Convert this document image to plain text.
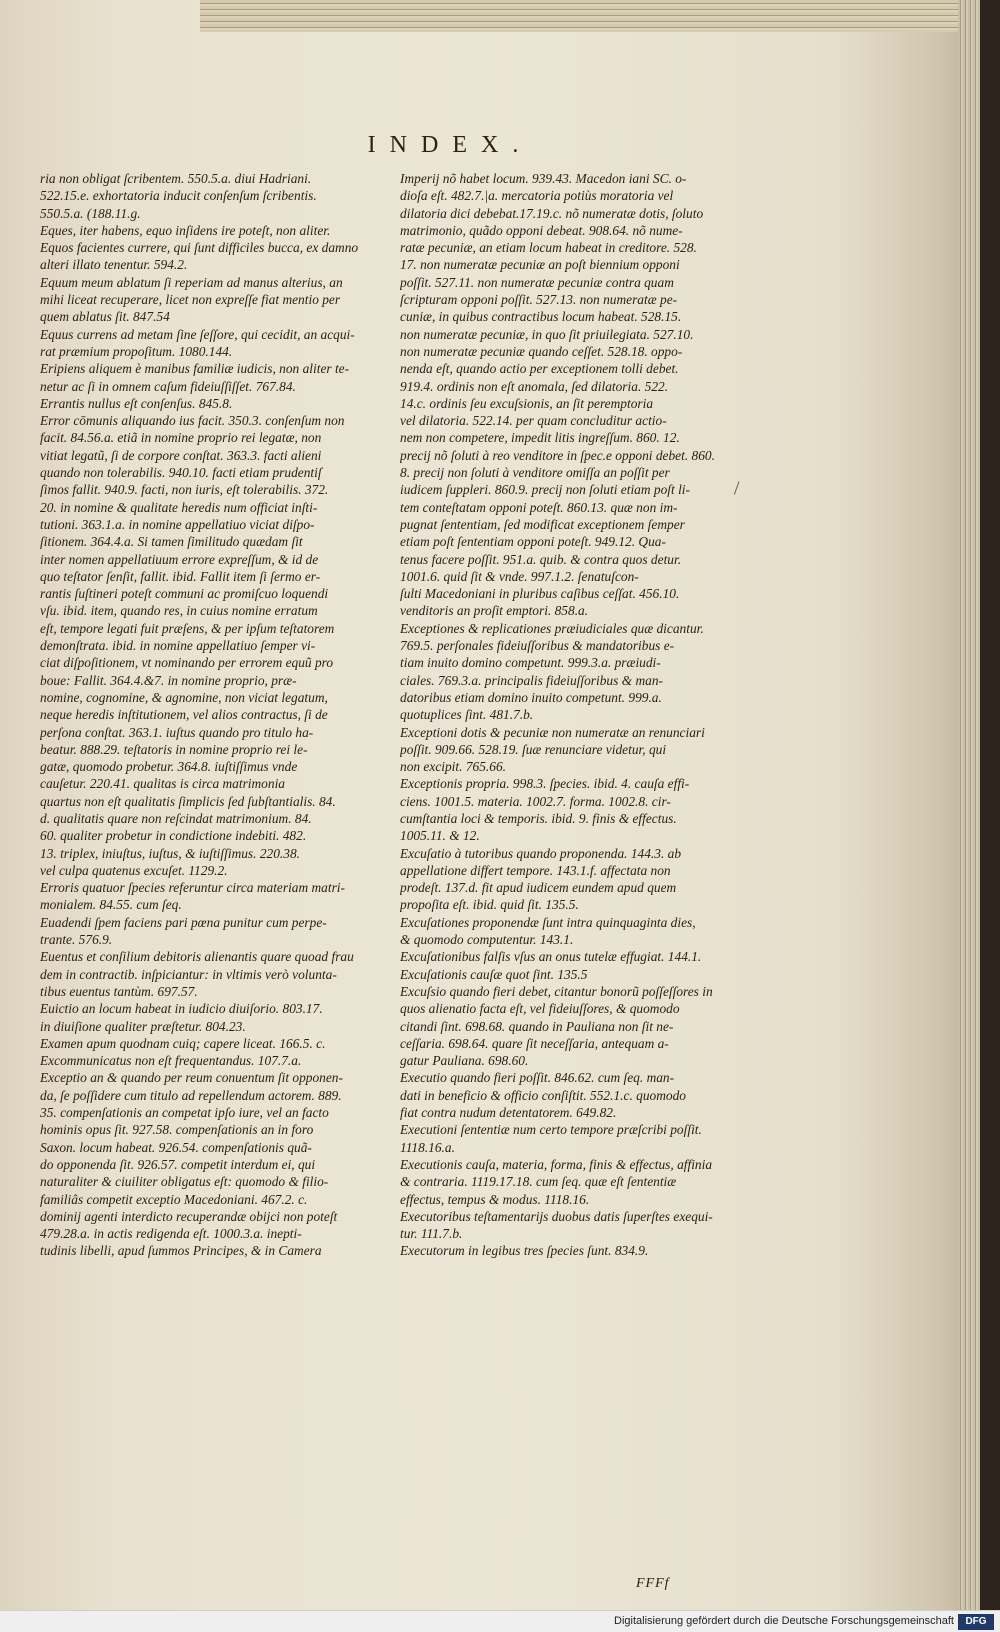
INDEX.
ria non obligat ſcribentem. 550.5.a. diui Hadriani.
522.15.e. exhortatoria inducit conſenſum ſcribentis.
550.5.a. (188.11.g.
Eques, iter habens, equo inſidens ire poteſt, non aliter.
Equos facientes currere, qui ſunt difficiles bucca, ex damno
alteri illato tenentur. 594.2.
Equum meum ablatum ſi reperiam ad manus alterius, an
mihi liceat recuperare, licet non expreſſe fiat mentio per
quem ablatus ſit. 847.54
Equus currens ad metam ſine ſeſſore, qui cecidit, an acqui-
rat præmium propoſitum. 1080.144.
Eripiens aliquem è manibus familiæ iudicis, non aliter te-
netur ac ſi in omnem caſum fideiuſſiſſet. 767.84.
Errantis nullus eſt conſenſus. 845.8.
Error cōmunis aliquando ius facit. 350.3. conſenſum non
facit. 84.56.a. etiã in nomine proprio rei legatæ, non
vitiat legatũ, ſi de corpore conſtat. 363.3. facti alieni
quando non tolerabilis. 940.10. facti etiam prudentiſ
ſimos fallit. 940.9. facti, non iuris, eſt tolerabilis. 372.
20. in nomine & qualitate heredis num officiat inſti-
tutioni. 363.1.a. in nomine appellatiuo viciat diſpo-
ſitionem. 364.4.a. Si tamen ſimilitudo quædam ſit
inter nomen appellatiuum errore expreſſum, & id de
quo teſtator ſenſit, fallit. ibid. Fallit item ſi ſermo er-
rantis ſuſtineri poteſt communi ac promiſcuo loquendi
vſu. ibid. item, quando res, in cuius nomine erratum
eſt, tempore legati fuit præſens, & per ipſum teſtatorem
demonſtrata. ibid. in nomine appellatiuo ſemper vi-
ciat diſpoſitionem, vt nominando per errorem equũ pro
boue: Fallit. 364.4.&7. in nomine proprio, præ-
nomine, cognomine, & agnomine, non viciat legatum,
neque heredis inſtitutionem, vel alios contractus, ſi de
perſona conſtat. 363.1. iuſtus quando pro titulo ha-
beatur. 888.29. teſtatoris in nomine proprio rei le-
gatæ, quomodo probetur. 364.8. iuſtiſſimus vnde
cauſetur. 220.41. qualitas is circa matrimonia
quartus non eſt qualitatis ſimplicis ſed ſubſtantialis. 84.
d. qualitatis quare non reſcindat matrimonium. 84.
60. qualiter probetur in condictione indebiti. 482.
13. triplex, iniuſtus, iuſtus, & iuſtiſſimus. 220.38.
vel culpa quatenus excuſet. 1129.2.
Erroris quatuor ſpecies referuntur circa materiam matri-
monialem. 84.55. cum ſeq.
Euadendi ſpem faciens pari pœna punitur cum perpe-
trante. 576.9.
Euentus et conſilium debitoris alienantis quare quoad frau
dem in contractib. inſpiciantur: in vltimis verò volunta-
tibus euentus tantùm. 697.57.
Euictio an locum habeat in iudicio diuiſorio. 803.17.
in diuiſione qualiter præſtetur. 804.23.
Examen apum quodnam cuiq; capere liceat. 166.5. c.
Excommunicatus non eſt frequentandus. 107.7.a.
Exceptio an & quando per reum conuentum ſit opponen-
da, ſe poſſidere cum titulo ad repellendum actorem. 889.
35. compenſationis an competat ipſo iure, vel an facto
hominis opus ſit. 927.58. compenſationis an in foro
Saxon. locum habeat. 926.54. compenſationis quã-
do opponenda ſit. 926.57. competit interdum ei, qui
naturaliter & ciuiliter obligatus eſt: quomodo & filio-
familiâs competit exceptio Macedoniani. 467.2. c.
dominij agenti interdicto recuperandæ obijci non poteſt
479.28.a. in actis redigenda eſt. 1000.3.a. inepti-
tudinis libelli, apud ſummos Principes, & in Camera
Imperij nõ habet locum. 939.43. Macedon iani SC. o-
dioſa eſt. 482.7.|a. mercatoria potiùs moratoria vel
dilatoria dici debebat.17.19.c. nõ numeratæ dotis, ſoluto
matrimonio, quãdo opponi debeat. 908.64. nõ nume-
ratæ pecuniæ, an etiam locum habeat in creditore. 528.
17. non numeratæ pecuniæ an poſt biennium opponi
poſſit. 527.11. non numeratæ pecuniæ contra quam
ſcripturam opponi poſſit. 527.13. non numeratæ pe-
cuniæ, in quibus contractibus locum habeat. 528.15.
non numeratæ pecuniæ, in quo ſit priuilegiata. 527.10.
non numeratæ pecuniæ quando ceſſet. 528.18. oppo-
nenda eſt, quando actio per exceptionem tolli debet.
919.4. ordinis non eſt anomala, ſed dilatoria. 522.
14.c. ordinis ſeu excuſsionis, an ſit peremptoria
vel dilatoria. 522.14. per quam concluditur actio-
nem non competere, impedit litis ingreſſum. 860. 12.
precij nõ ſoluti à reo venditore in ſpec.e opponi debet. 860.
8. precij non ſoluti à venditore omiſſa an poſſit per
iudicem ſuppleri. 860.9. precij non ſoluti etiam poſt li-
tem conteſtatam opponi poteſt. 860.13. quæ non im-
pugnat ſententiam, ſed modificat exceptionem ſemper
etiam poſt ſententiam opponi poteſt. 949.12. Qua-
tenus facere poſſit. 951.a. quib. & contra quos detur.
1001.6. quid ſit & vnde. 997.1.2. ſenatuſcon-
ſulti Macedoniani in pluribus caſibus ceſſat. 456.10.
venditoris an proſit emptori. 858.a.
Exceptiones & replicationes præiudiciales quæ dicantur.
769.5. perſonales fideiuſſoribus & mandatoribus e-
tiam inuito domino competunt. 999.3.a. præiudi-
ciales. 769.3.a. principalis fideiuſſoribus & man-
datoribus etiam domino inuito competunt. 999.a.
quotuplices ſint. 481.7.b.
Exceptioni dotis & pecuniæ non numeratæ an renunciari
poſſit. 909.66. 528.19. ſuæ renunciare videtur, qui
non excipit. 765.66.
Exceptionis propria. 998.3. ſpecies. ibid. 4. cauſa effi-
ciens. 1001.5. materia. 1002.7. forma. 1002.8. cir-
cumſtantia loci & temporis. ibid. 9. finis & effectus.
1005.11. & 12.
Excuſatio à tutoribus quando proponenda. 144.3. ab
appellatione differt tempore. 143.1.f. affectata non
prodeſt. 137.d. fit apud iudicem eundem apud quem
propoſita eſt. ibid. quid ſit. 135.5.
Excuſationes proponendæ ſunt intra quinquaginta dies,
& quomodo computentur. 143.1.
Excuſationibus falſis vſus an onus tutelæ effugiat. 144.1.
Excuſationis cauſæ quot ſint. 135.5
Excuſsio quando fieri debet, citantur bonorũ poſſeſſores in
quos alienatio facta eſt, vel fideiuſſores, & quomodo
citandi ſint. 698.68. quando in Pauliana non ſit ne-
ceſſaria. 698.64. quare ſit neceſſaria, antequam a-
gatur Pauliana. 698.60.
Executio quando fieri poſſit. 846.62. cum ſeq. man-
dati in beneficio & officio conſiſtit. 552.1.c. quomodo
fiat contra nudum detentatorem. 649.82.
Executioni ſententiæ num certo tempore præſcribi poſſit.
1118.16.a.
Executionis cauſa, materia, forma, finis & effectus, affinia
& contraria. 1119.17.18. cum ſeq. quæ eſt ſententiæ
effectus, tempus & modus. 1118.16.
Executoribus teſtamentarijs duobus datis ſuperſtes exequi-
tur. 111.7.b.
Executorum in legibus tres ſpecies ſunt. 834.9.
FFFf
Digitalisierung gefördert durch die Deutsche Forschungsgemeinschaft	DFG
